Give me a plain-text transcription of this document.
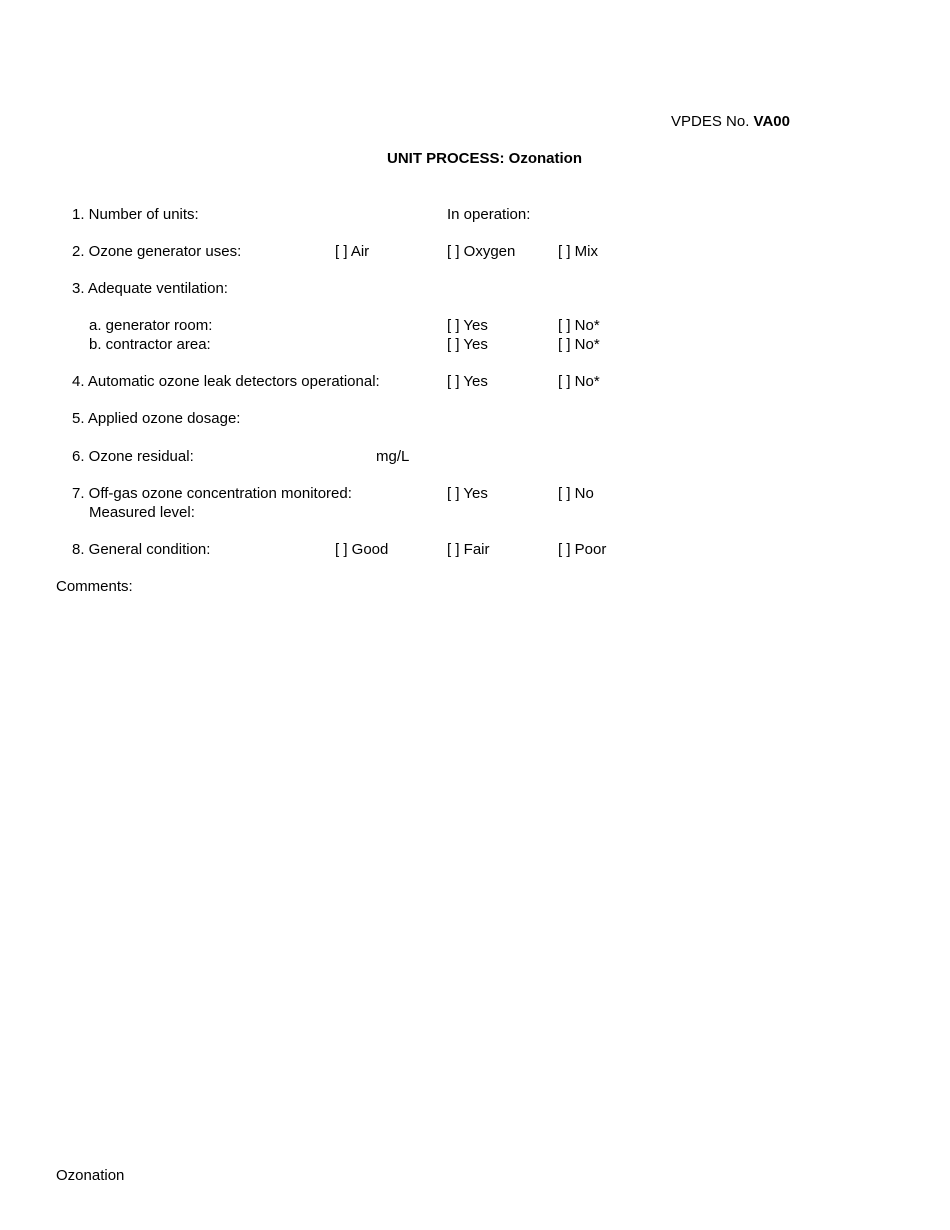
VPDES No. VA00
UNIT PROCESS: Ozonation
1. Number of units:	In operation:
2. Ozone generator uses:	[ ] Air	[ ] Oxygen	[ ] Mix
3. Adequate ventilation:
a. generator room:	[ ] Yes	[ ] No*
b. contractor area:	[ ] Yes	[ ] No*
4. Automatic ozone leak detectors operational:	[ ] Yes	[ ] No*
5. Applied ozone dosage:
6. Ozone residual:	mg/L
7. Off-gas ozone concentration monitored:	[ ] Yes	[ ] No
Measured level:
8. General condition:	[ ] Good	[ ] Fair	[ ] Poor
Comments:
Ozonation
